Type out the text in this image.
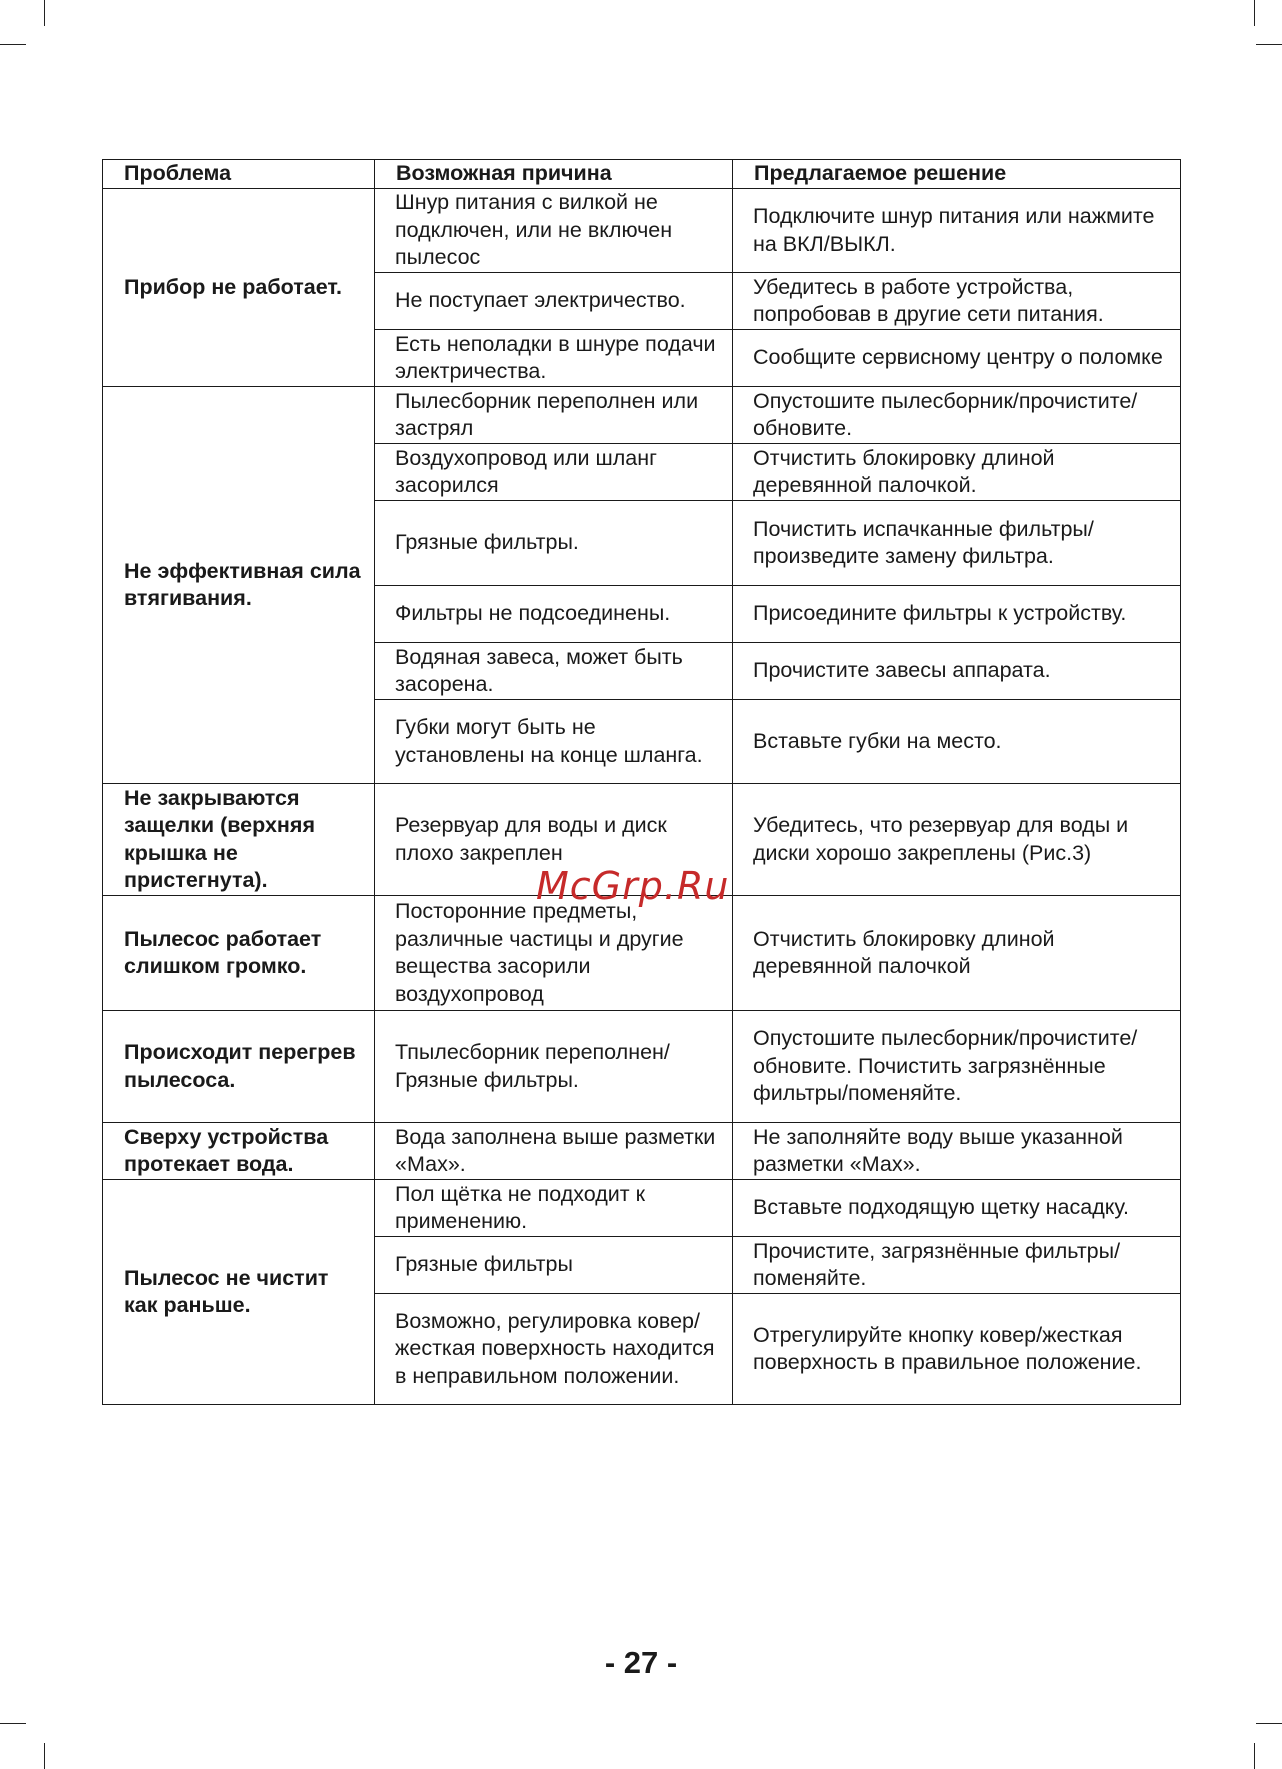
Проблема	Возможная причина	Предлагаемое решение
Прибор не работает.	Шнур питания с вилкой не подключен, или не включен пылесос	Подключите шнур питания или нажмите на ВКЛ/ВЫКЛ.
	Не поступает электричество.	Убедитесь в работе устройства, попробовав в другие сети питания.
	Есть неполадки в шнуре подачи электричества.	Сообщите сервисному центру о поломке
Не эффективная сила втягивания.	Пылесборник переполнен или застрял	Опустошите пылесборник/прочистите/обновите.
	Воздухопровод или шланг засорился	Отчистить блокировку длиной деревянной палочкой.
	Грязные фильтры.	Почистить испачканные фильтры/произведите замену фильтра.
	Фильтры не подсоединены.	Присоедините фильтры к устройству.
	Водяная завеса, может быть засорена.	Прочистите завесы аппарата.
	Губки могут быть не установлены на конце шланга.	Вставьте губки на место.
Не закрываются защелки (верхняя крышка не пристегнута).	Резервуар для воды и диск плохо закреплен	Убедитесь, что резервуар для воды и диски хорошо закреплены (Рис.3)
Пылесос работает слишком громко.	Посторонние предметы, различные частицы и другие вещества засорили воздухопровод	Отчистить блокировку длиной деревянной палочкой
Происходит перегрев пылесоса.	Тпылесборник переполнен/Грязные фильтры.	Опустошите пылесборник/прочистите/обновите. Почистить загрязнённые фильтры/поменяйте.
Сверху устройства протекает вода.	Вода заполнена выше разметки «Мах».	Не заполняйте воду выше указанной разметки «Мах».
Пылесос не чистит как раньше.	Пол щётка не подходит к применению.	Вставьте подходящую щетку насадку.
	Грязные фильтры	Прочистите, загрязнённые фильтры/поменяйте.
	Возможно, регулировка ковер/жесткая поверхность находится в неправильном положении.	Отрегулируйте кнопку ковер/жесткая поверхность в правильное положение.
McGrp.Ru
- 27 -
